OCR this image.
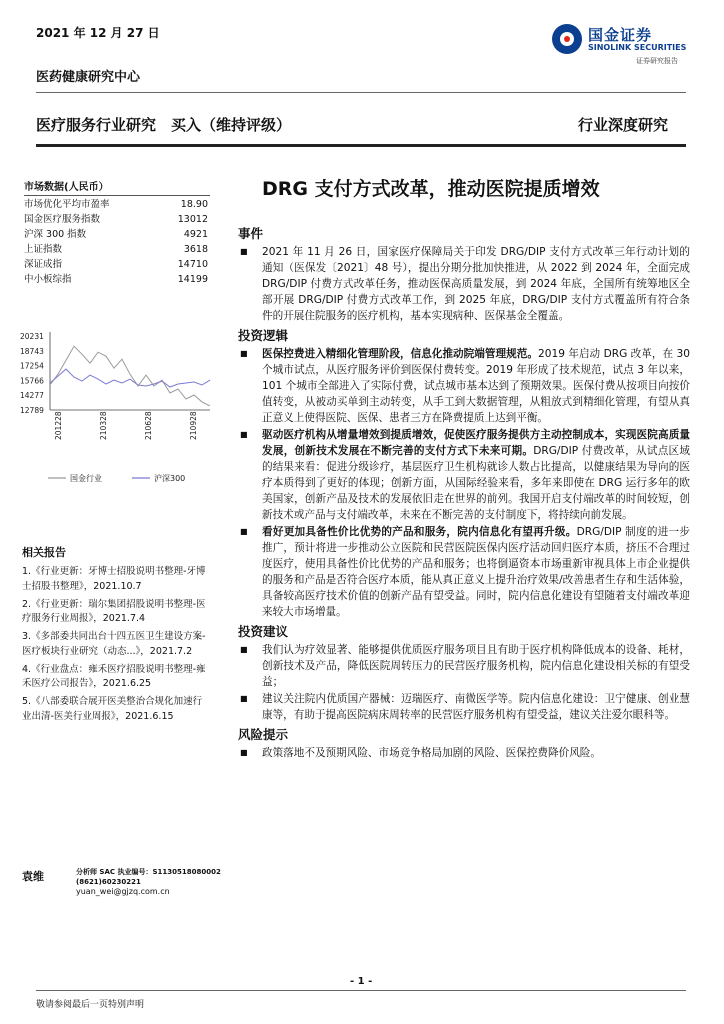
2021 年 12 月 27 日	国金证券
SINOLINK SECURITIES
证券研究报告
医药健康研究中心
医疗服务行业研究　买入（维持评级）	行业深度研究
DRG 支付方式改革，推动医院提质增效
市场数据(人民币）
市场优化平均市盈率	18.90
国金医疗服务指数	13012
沪深 300 指数	4921
上证指数	3618
深证成指	14710
中小板综指	14199
20231
18743
17254
15766
14277
12789
201228	210328	210628	210928
国金行业	沪深300
相关报告

1.《行业更新：牙博士招股说明书整理-牙博士招股书整理》，2021.10.7

2.《行业更新：瑞尔集团招股说明书整理-医疗服务行业周报》，2021.7.4

3.《多部委共同出台十四五医卫生建设方案-医疗板块行业研究（动态...》，2021.7.2

4.《行业盘点：雍禾医疗招股说明书整理-雍禾医疗公司报告》，2021.6.25

5.《八部委联合展开医美整治合规化加速行业出清-医美行业周报》，2021.6.15

袁维	分析师 SAC 执业编号：S1130518080002
(8621)60230221
yuan_wei@gjzq.com.cn
事件
■ 2021 年 11 月 26 日，国家医疗保障局关于印发 DRG/DIP 支付方式改革三年行动计划的通知（医保发〔2021〕48 号），提出分期分批加快推进，从 2022 到 2024 年，全面完成 DRG/DIP 付费方式改革任务，推动医保高质量发展，到 2024 年底，全国所有统筹地区全部开展 DRG/DIP 付费方式改革工作，到 2025 年底，DRG/DIP 支付方式覆盖所有符合条件的开展住院服务的医疗机构，基本实现病种、医保基金全覆盖。
投资逻辑
■ 医保控费进入精细化管理阶段，信息化推动院端管理规范。2019 年启动 DRG 改革，在 30 个城市试点，从医疗服务评价到医保付费转变。2019 年形成了技术规范，试点 3 年以来，101 个城市全部进入了实际付费，试点城市基本达到了预期效果。医保付费从按项目向按价值转变，从被动买单到主动转变，从手工到大数据管理，从粗放式到精细化管理，有望从真正意义上使得医院、医保、患者三方在降费提质上达到平衡。
■ 驱动医疗机构从增量增效到提质增效，促使医疗服务提供方主动控制成本，实现医院高质量发展，创新技术发展在不断完善的支付方式下未来可期。DRG/DIP 付费改革，从试点区域的结果来看：促进分级诊疗，基层医疗卫生机构就诊人数占比提高，以健康结果为导向的医疗本质得到了更好的体现；创新方面，从国际经验来看，多年来即使在 DRG 运行多年的欧美国家，创新产品及技术的发展依旧走在世界的前列。我国开启支付端改革的时间较短，创新技术或产品与支付端改革，未来在不断完善的支付制度下，将持续向前发展。
■ 看好更加具备性价比优势的产品和服务，院内信息化有望再升级。DRG/DIP 制度的进一步推广，预计将进一步推动公立医院和民营医院医保内医疗活动回归医疗本质，挤压不合理过度医疗，使用具备性价比优势的产品和服务；也将倒逼资本市场重新审视具体上市企业提供的服务和产品是否符合医疗本质，能从真正意义上提升治疗效果/改善患者生存和生活体验，具备较高医疗技术价值的创新产品有望受益。同时，院内信息化建设有望随着支付端改革迎来较大市场增量。
投资建议
■ 我们认为疗效显著、能够提供优质医疗服务项目且有助于医疗机构降低成本的设备、耗材，创新技术及产品，降低医院周转压力的民营医疗服务机构，院内信息化建设相关标的有望受益；
■ 建议关注院内优质国产器械：迈瑞医疗、南微医学等。院内信息化建设：卫宁健康、创业慧康等，有助于提高医院病床周转率的民营医疗服务机构有望受益，建议关注爱尔眼科等。
风险提示
■ 政策落地不及预期风险、市场竞争格局加剧的风险、医保控费降价风险。
- 1 -
敬请参阅最后一页特别声明
